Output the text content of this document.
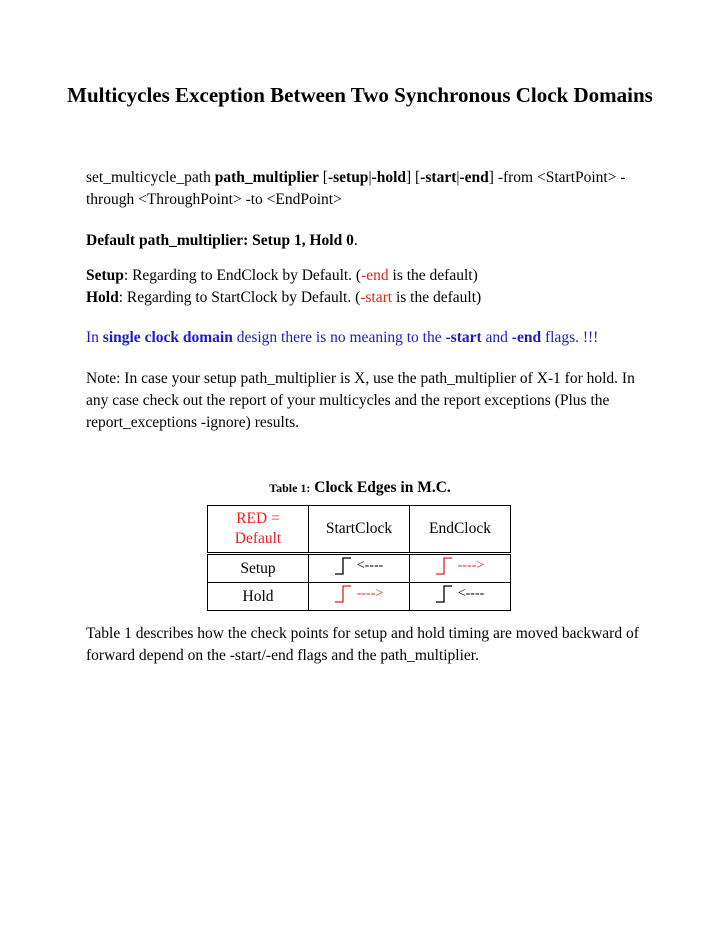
Multicycles Exception Between Two Synchronous Clock Domains

set_multicycle_path path_multiplier [-setup|-hold] [-start|-end] -from <StartPoint> -through <ThroughPoint> -to <EndPoint>

Default path_multiplier: Setup 1, Hold 0.

Setup: Regarding to EndClock by Default. (-end is the default)
Hold: Regarding to StartClock by Default. (-start is the default)

In single clock domain design there is no meaning to the -start and -end flags. !!!

Note: In case your setup path_multiplier is X, use the path_multiplier of X-1 for hold. In any case check out the report of your multicycles and the report exceptions (Plus the report_exceptions -ignore) results.

Table 1: Clock Edges in M.C.

RED =
Default	StartClock	EndClock
Setup	<----	---->

Hold	---->	<----

Table 1 describes how the check points for setup and hold timing are moved backward of forward depend on the -start/-end flags and the path_multiplier.
